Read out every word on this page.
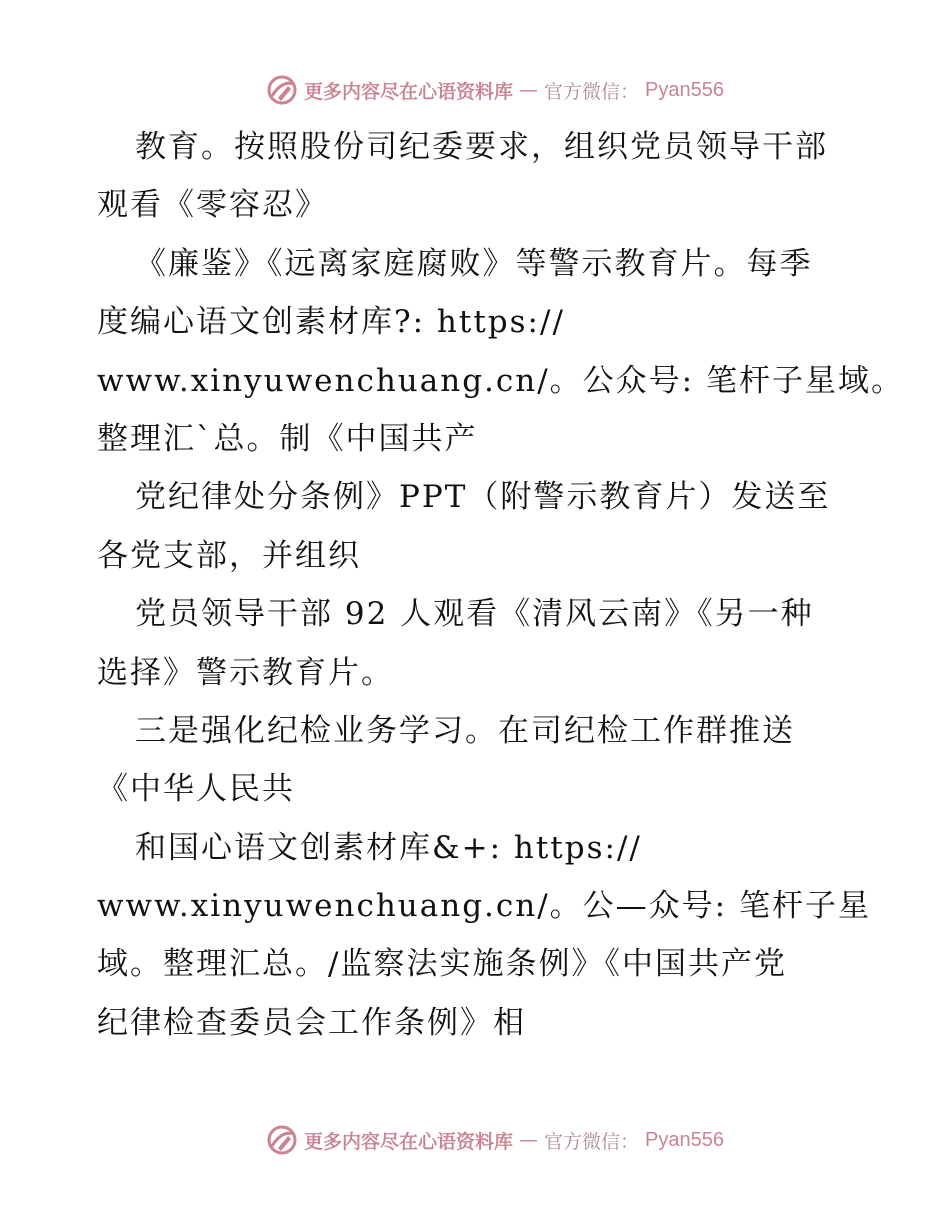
更多内容尽在心语资料库 — 官方微信： Pyan556
教育。按照股份司纪委要求，组织党员领导干部
观看《零容忍》
《廉鉴》《远离家庭腐败》等警示教育片。每季
度编心语文创素材库?: https://
www.xinyuwenchuang.cn/。公众号: 笔杆子星域。
整理汇`总。制《中国共产
党纪律处分条例》PPT（附警示教育片）发送至
各党支部，并组织
党员领导干部 92 人观看《清风云南》《另一种
选择》警示教育片。
三是强化纪检业务学习。在司纪检工作群推送
《中华人民共
和国心语文创素材库&+: https://
www.xinyuwenchuang.cn/。公—众号: 笔杆子星
域。整理汇总。/监察法实施条例》《中国共产党
纪律检查委员会工作条例》相
更多内容尽在心语资料库 — 官方微信： Pyan556
